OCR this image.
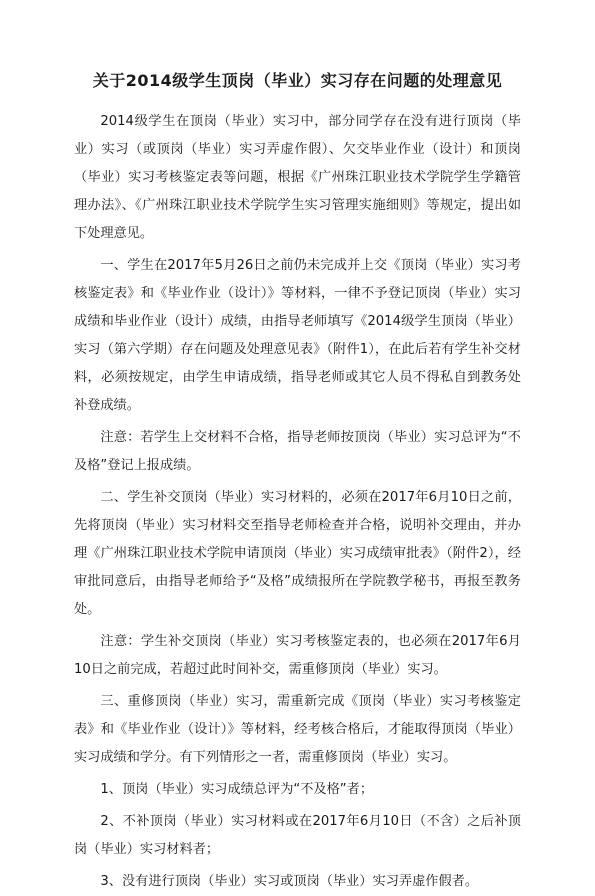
关于2014级学生顶岗（毕业）实习存在问题的处理意见

2014级学生在顶岗（毕业）实习中，部分同学存在没有进行顶岗（毕业）实习（或顶岗（毕业）实习弄虚作假）、欠交毕业作业（设计）和顶岗（毕业）实习考核鉴定表等问题，根据《广州珠江职业技术学院学生学籍管理办法》、《广州珠江职业技术学院学生实习管理实施细则》等规定，提出如下处理意见。

一、学生在2017年5月26日之前仍未完成并上交《顶岗（毕业）实习考核鉴定表》和《毕业作业（设计）》等材料，一律不予登记顶岗（毕业）实习成绩和毕业作业（设计）成绩，由指导老师填写《2014级学生顶岗（毕业）实习（第六学期）存在问题及处理意见表》（附件1），在此后若有学生补交材料，必须按规定，由学生申请成绩，指导老师或其它人员不得私自到教务处补登成绩。

注意：若学生上交材料不合格，指导老师按顶岗（毕业）实习总评为“不及格”登记上报成绩。

二、学生补交顶岗（毕业）实习材料的，必须在2017年6月10日之前，先将顶岗（毕业）实习材料交至指导老师检查并合格，说明补交理由，并办理《广州珠江职业技术学院申请顶岗（毕业）实习成绩审批表》（附件2），经审批同意后，由指导老师给予“及格”成绩报所在学院教学秘书，再报至教务处。

注意：学生补交顶岗（毕业）实习考核鉴定表的，也必须在2017年6月10日之前完成，若超过此时间补交，需重修顶岗（毕业）实习。

三、重修顶岗（毕业）实习，需重新完成《顶岗（毕业）实习考核鉴定表》和《毕业作业（设计）》等材料，经考核合格后，才能取得顶岗（毕业）实习成绩和学分。有下列情形之一者，需重修顶岗（毕业）实习。

1、顶岗（毕业）实习成绩总评为“不及格”者；

2、不补顶岗（毕业）实习材料或在2017年6月10日（不含）之后补顶岗（毕业）实习材料者；

3、没有进行顶岗（毕业）实习或顶岗（毕业）实习弄虚作假者。
